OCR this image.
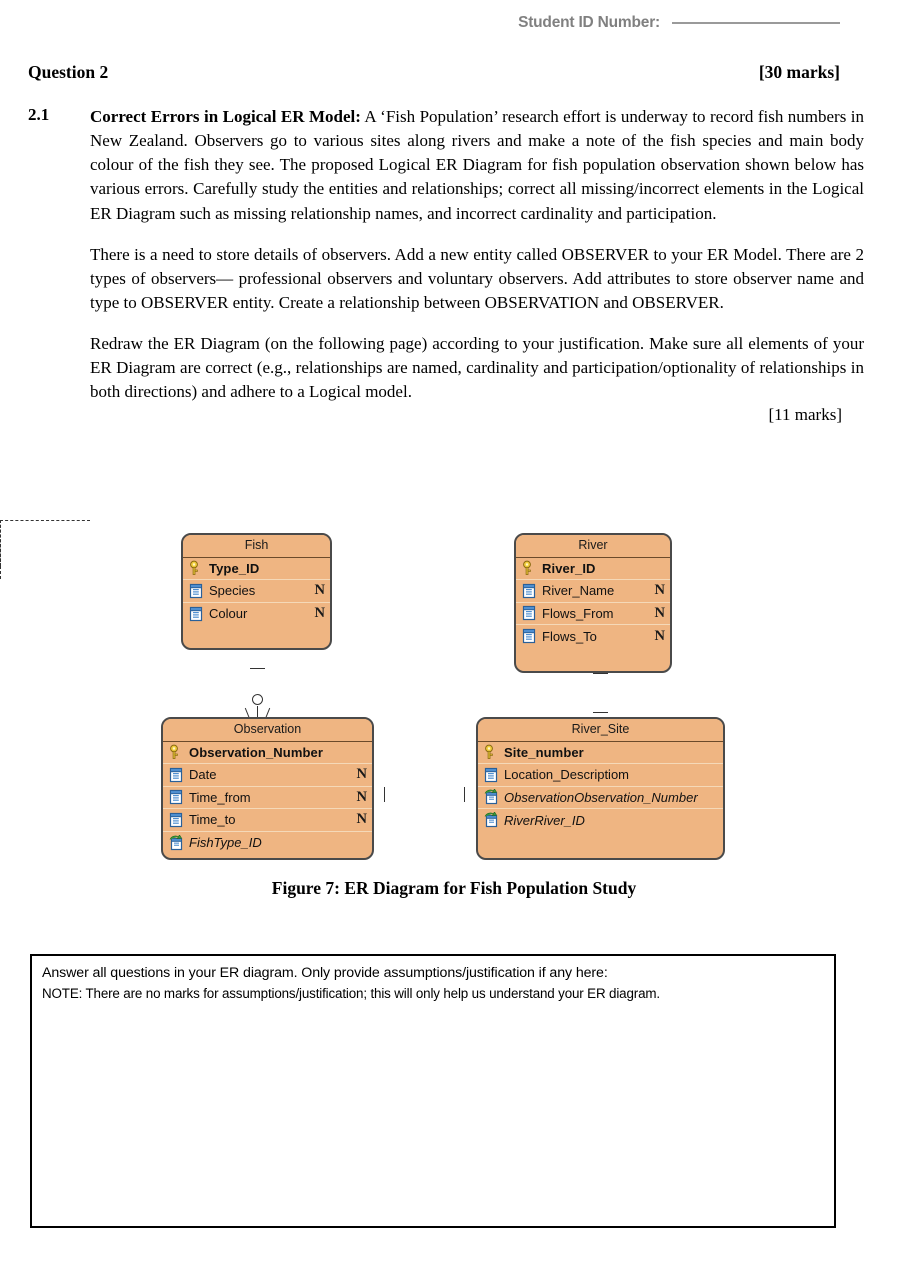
Student ID Number:
Question 2	[30 marks]
2.1	Correct Errors in Logical ER Model: A ‘Fish Population’ research effort is underway to record fish numbers in New Zealand. Observers go to various sites along rivers and make a note of the fish species and main body colour of the fish they see. The proposed Logical ER Diagram for fish population observation shown below has various errors. Carefully study the entities and relationships; correct all missing/incorrect elements in the Logical ER Diagram such as missing relationship names, and incorrect cardinality and participation.

There is a need to store details of observers. Add a new entity called OBSERVER to your ER Model. There are 2 types of observers— professional observers and voluntary observers. Add attributes to store observer name and type to OBSERVER entity. Create a relationship between OBSERVATION and OBSERVER.

Redraw the ER Diagram (on the following page) according to your justification. Make sure all elements of your ER Diagram are correct (e.g., relationships are named, cardinality and participation/optionality of relationships in both directions) and adhere to a Logical model.

[11 marks]
Fish
Type_ID
Species	N
Colour	N
River
River_ID
River_Name	N
Flows_From	N
Flows_To	N
Observation
Observation_Number
Date	N
Time_from	N
Time_to	N
FishType_ID
River_Site
Site_number
Location_Descriptiom
ObservationObservation_Number
RiverRiver_ID
Figure 7: ER Diagram for Fish Population Study
Answer all questions in your ER diagram. Only provide assumptions/justification if any here:
NOTE: There are no marks for assumptions/justification; this will only help us understand your ER diagram.
